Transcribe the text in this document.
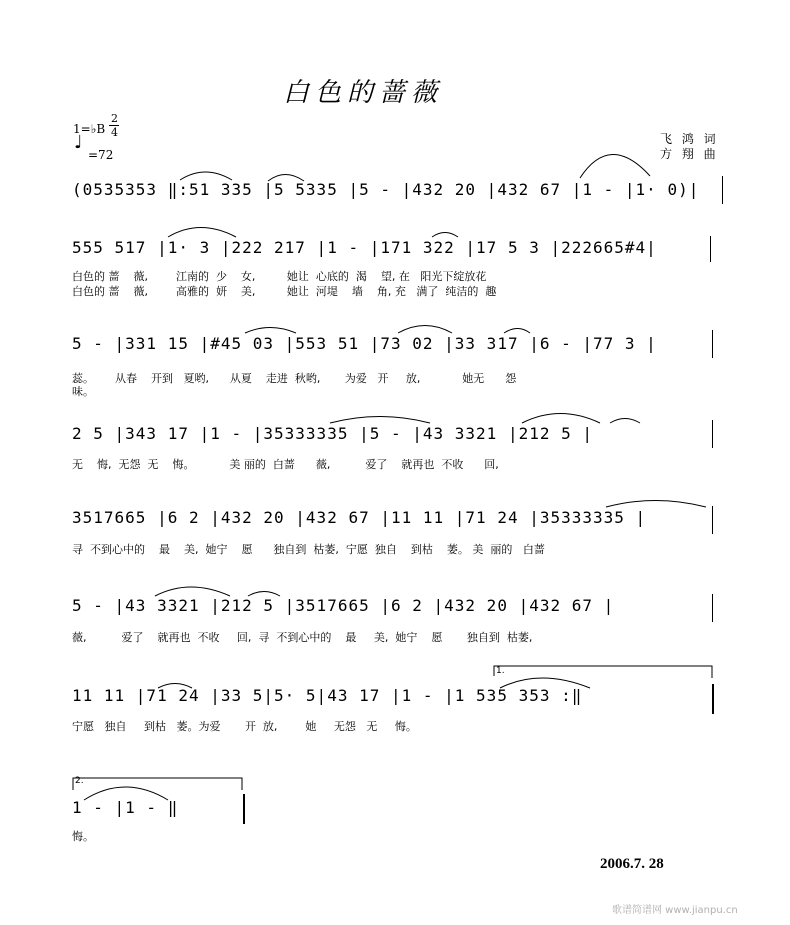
白色的蔷薇
1=♭B
2
4
♩
=72
飞 鸿 词
方 翔 曲
(0535353 ‖:51 335 |5 5335 |5 - |432 20 |432 67 |1 - |1· 0)|
555 517 |1· 3 |222 217 |1 - |171 322 |17 5 3 |222665#4|
白色的 蔷    薇,        江南的  少    女,         她让  心底的  渴    望, 在   阳光下绽放花
白色的 蔷    薇,        高雅的  妍    美,         她让  河堤    墙    角, 充   满了  纯洁的  趣
5 - |331 15 |#45 03 |553 51 |73 02 |33 317 |6 - |77 3 |
蕊。      从春    开到   夏哟,      从夏    走进  秋哟,       为爱   开     放,            她无      怨
味。
2 5 |343 17 |1 - |35333335 |5 - |43 3321 |212 5 |
无    悔,  无怨  无    悔。          美 丽的  白蔷      薇,          爱了    就再也  不收      回,
3517665 |6 2 |432 20 |432 67 |11 11 |71 24 |35333335 |
寻  不到心中的    最    美,  她宁    愿      独自到  枯萎,  宁愿  独自    到枯    萎。 美  丽的   白蔷
5 - |43 3321 |212 5 |3517665 |6 2 |432 20 |432 67 |
薇,          爱了    就再也  不收     回,  寻  不到心中的    最     美,  她宁    愿       独自到  枯萎,
1.
11 11 |71 24 |33 5|5· 5|43 17 |1 - |1 535 353 :‖
宁愿   独自     到枯   萎。为爱       开  放,        她     无怨   无     悔。
2.
1 - |1 - ‖
悔。
2006.7. 28
歌谱简谱网 www.jianpu.cn
